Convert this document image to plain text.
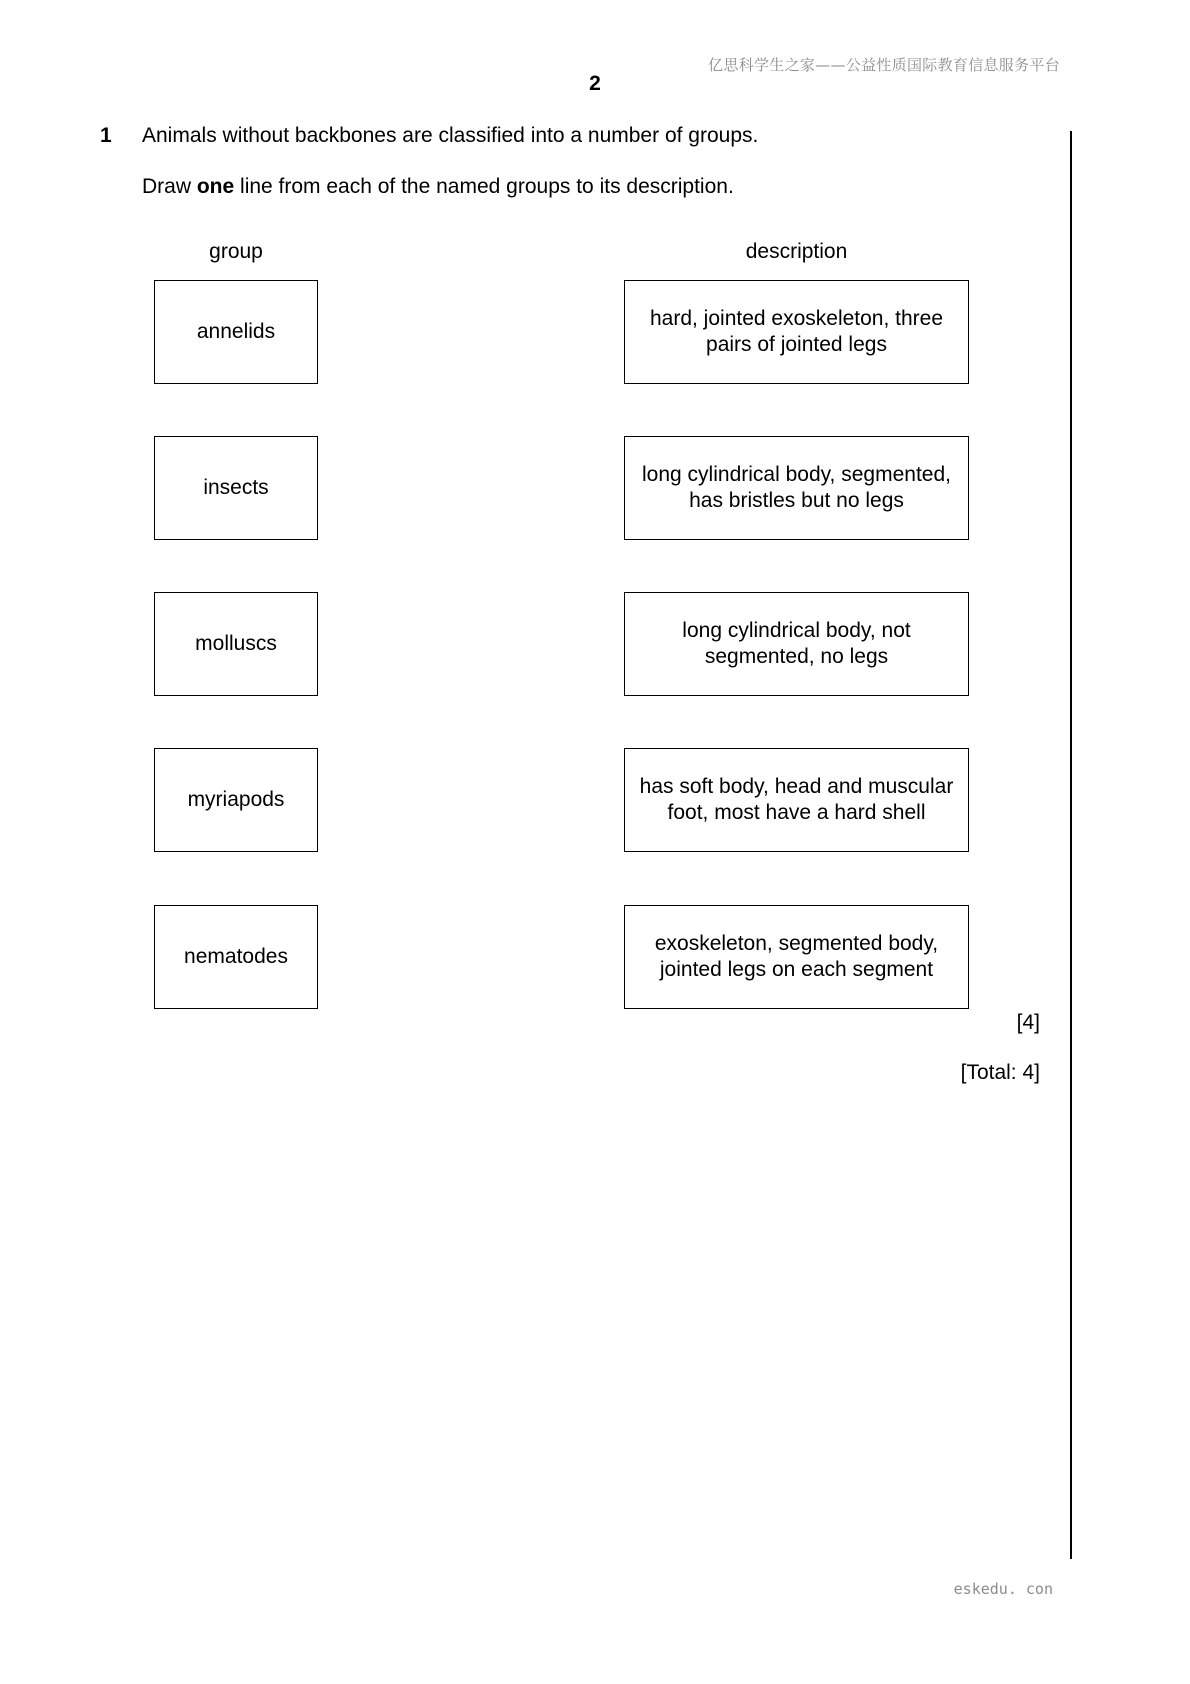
亿思科学生之家——公益性质国际教育信息服务平台
2
1 Animals without backbones are classified into a number of groups.
Draw one line from each of the named groups to its description.
group	description
annelids
insects
molluscs
myriapods
nematodes
hard, jointed exoskeleton, three
pairs of jointed legs
long cylindrical body, segmented,
has bristles but no legs
long cylindrical body, not
segmented, no legs
has soft body, head and muscular
foot, most have a hard shell
exoskeleton, segmented body,
jointed legs on each segment
[4]
[Total: 4]
eskedu. con
